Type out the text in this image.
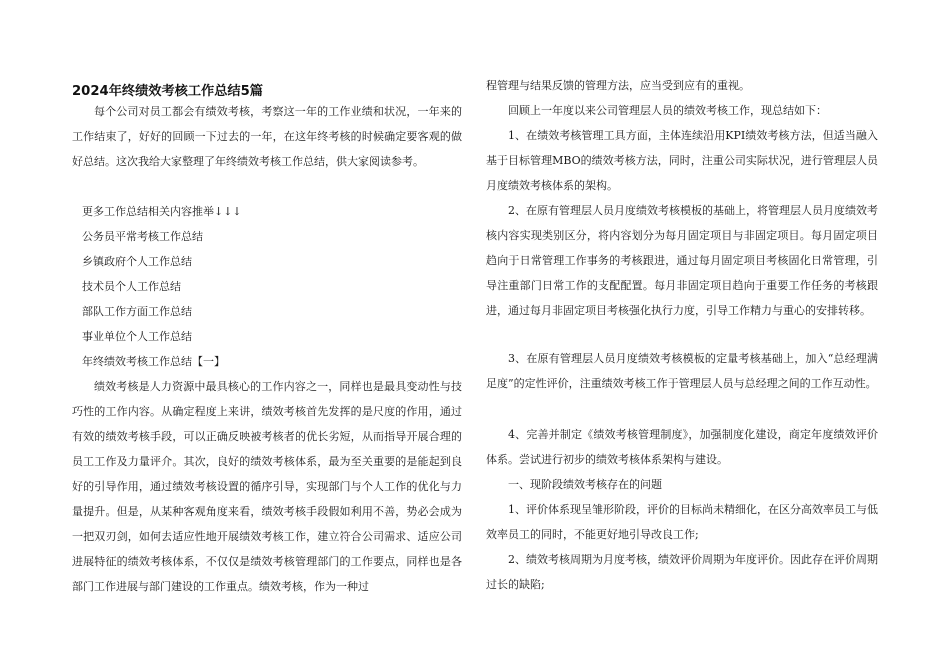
2024年终绩效考核工作总结5篇

每个公司对员工都会有绩效考核，考察这一年的工作业绩和状况，一年来的工作结束了，好好的回顾一下过去的一年，在这年终考核的时候确定要客观的做好总结。这次我给大家整理了年终绩效考核工作总结，供大家阅读参考。

更多工作总结相关内容推举↓↓↓
公务员平常考核工作总结
乡镇政府个人工作总结
技术员个人工作总结
部队工作方面工作总结
事业单位个人工作总结
年终绩效考核工作总结【一】

绩效考核是人力资源中最具核心的工作内容之一，同样也是最具变动性与技巧性的工作内容。从确定程度上来讲，绩效考核首先发挥的是尺度的作用，通过有效的绩效考核手段，可以正确反映被考核者的优长劣短，从而指导开展合理的员工工作及力量评介。其次，良好的绩效考核体系，最为至关重要的是能起到良好的引导作用，通过绩效考核设置的循序引导，实现部门与个人工作的优化与力量提升。但是，从某种客观角度来看，绩效考核手段假如利用不善，势必会成为一把双刃剑，如何去适应性地开展绩效考核工作，建立符合公司需求、适应公司进展特征的绩效考核体系，不仅仅是绩效考核管理部门的工作要点，同样也是各部门工作进展与部门建设的工作重点。绩效考核，作为一种过

程管理与结果反馈的管理方法，应当受到应有的重视。

回顾上一年度以来公司管理层人员的绩效考核工作，现总结如下：

1、在绩效考核管理工具方面，主体连续沿用KPI绩效考核方法，但适当融入基于目标管理MBO的绩效考核方法，同时，注重公司实际状况，进行管理层人员月度绩效考核体系的架构。

2、在原有管理层人员月度绩效考核模板的基础上，将管理层人员月度绩效考核内容实现类别区分，将内容划分为每月固定项目与非固定项目。每月固定项目趋向于日常管理工作事务的考核跟进，通过每月固定项目考核固化日常管理，引导注重部门日常工作的支配配置。每月非固定项目趋向于重要工作任务的考核跟进，通过每月非固定项目考核强化执行力度，引导工作精力与重心的安排转移。

3、在原有管理层人员月度绩效考核模板的定量考核基础上，加入“总经理满足度”的定性评价，注重绩效考核工作于管理层人员与总经理之间的工作互动性。

4、完善并制定《绩效考核管理制度》，加强制度化建设，商定年度绩效评价体系。尝试进行初步的绩效考核体系架构与建设。

一、现阶段绩效考核存在的问题

1、评价体系现呈雏形阶段，评价的目标尚未精细化，在区分高效率员工与低效率员工的同时，不能更好地引导改良工作;

2、绩效考核周期为月度考核，绩效评价周期为年度评价。因此存在评价周期过长的缺陷;
